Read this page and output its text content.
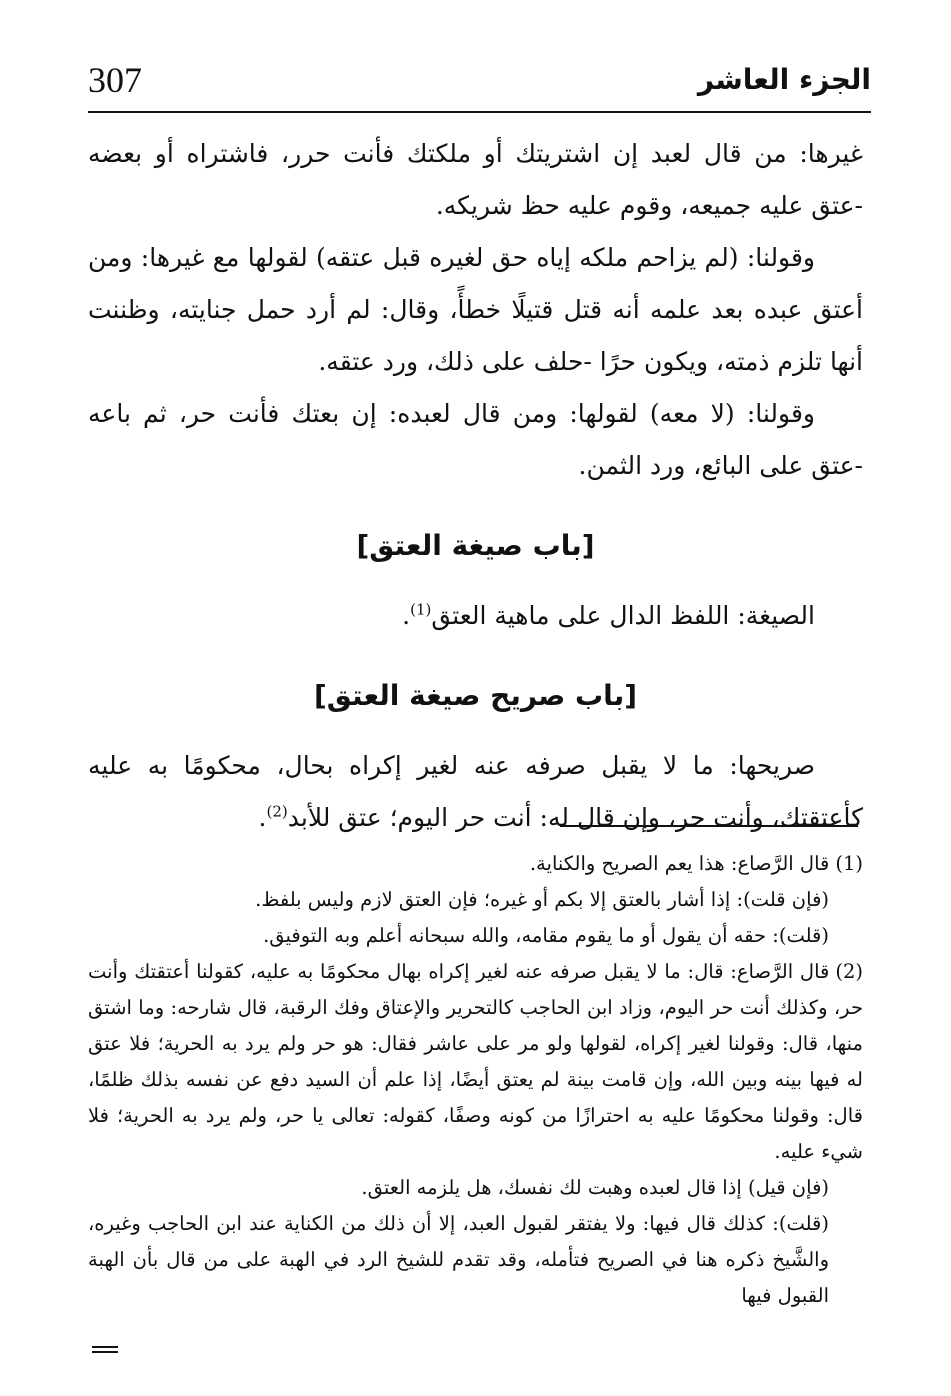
307	الجزء العاشر

غيرها: من قال لعبد إن اشتريتك أو ملكتك فأنت حرر، فاشتراه أو بعضه -عتق عليه جميعه، وقوم عليه حظ شريكه.

وقولنا: (لم يزاحم ملكه إياه حق لغيره قبل عتقه) لقولها مع غيرها: ومن أعتق عبده بعد علمه أنه قتل قتيلًا خطأً، وقال: لم أرد حمل جنايته، وظننت أنها تلزم ذمته، ويكون حرًا -حلف على ذلك، ورد عتقه.

وقولنا: (لا معه) لقولها: ومن قال لعبده: إن بعتك فأنت حر، ثم باعه -عتق على البائع، ورد الثمن.

[باب صيغة العتق]

الصيغة: اللفظ الدال على ماهية العتق$^{(1)}$.

[باب صريح صيغة العتق]

صريحها: ما لا يقبل صرفه عنه لغير إكراه بحال، محكومًا به عليه كأعتقتك، وأنت حر، وإن قال له: أنت حر اليوم؛ عتق للأبد$^{(2)}$.

(1)قال الرَّصاع: هذا يعم الصريح والكناية.

(فإن قلت): إذا أشار بالعتق إلا بكم أو غيره؛ فإن العتق لازم وليس بلفظ.

(قلت): حقه أن يقول أو ما يقوم مقامه، والله سبحانه أعلم وبه التوفيق.

(2)قال الرَّصاع: قال: ما لا يقبل صرفه عنه لغير إكراه بهال محكومًا به عليه، كقولنا أعتقتك وأنت حر، وكذلك أنت حر اليوم، وزاد ابن الحاجب كالتحرير والإعتاق وفك الرقبة، قال شارحه: وما اشتق منها، قال: وقولنا لغير إكراه، لقولها ولو مر على عاشر فقال: هو حر ولم يرد به الحرية؛ فلا عتق له فيها بينه وبين الله، وإن قامت بينة لم يعتق أيضًا، إذا علم أن السيد دفع عن نفسه بذلك ظلمًا، قال: وقولنا محكومًا عليه به احترازًا من كونه وصفًا، كقوله: تعالى يا حر، ولم يرد به الحرية؛ فلا شيء عليه.

(فإن قيل) إذا قال لعبده وهبت لك نفسك، هل يلزمه العتق.

(قلت): كذلك قال فيها: ولا يفتقر لقبول العبد، إلا أن ذلك من الكناية عند ابن الحاجب وغيره، والشَّيخ ذكره هنا في الصريح فتأمله، وقد تقدم للشيخ الرد في الهبة على من قال بأن الهبة القبول فيها
